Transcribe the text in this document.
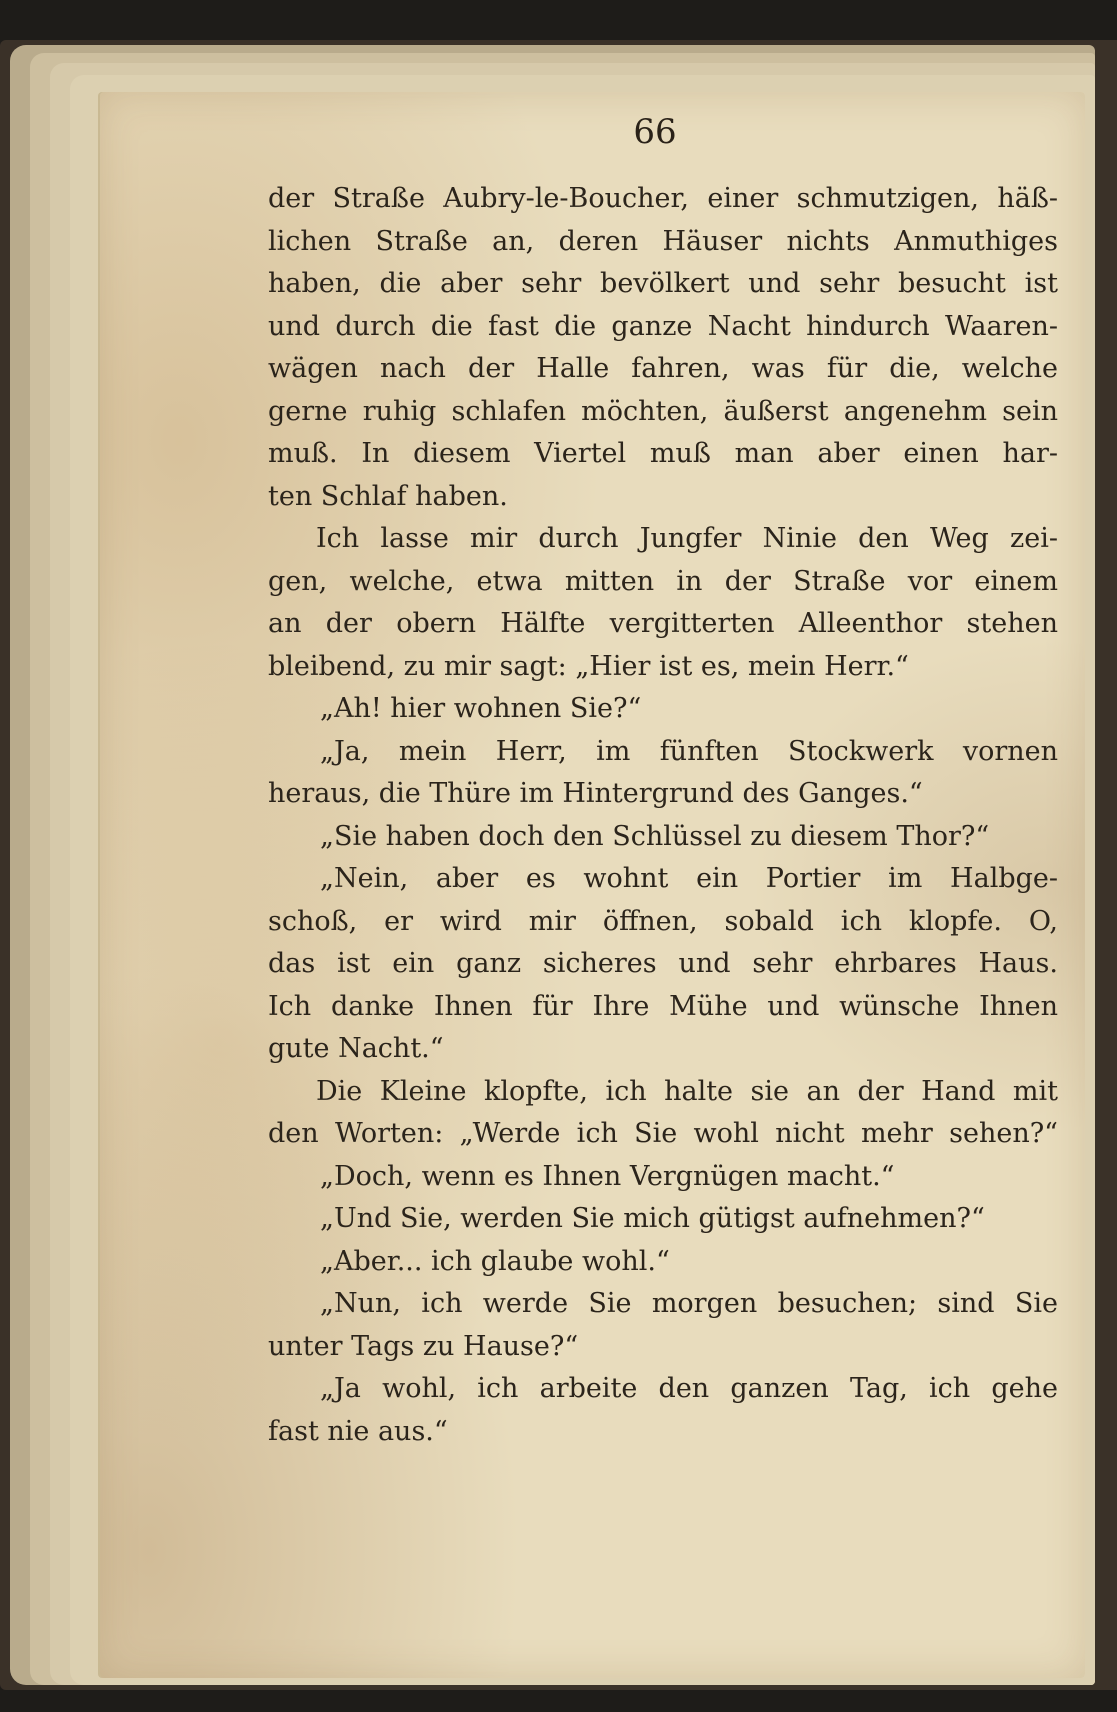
66
der Straße Aubry-le-Boucher, einer schmutzigen, häß-
lichen Straße an, deren Häuser nichts Anmuthiges
haben, die aber sehr bevölkert und sehr besucht ist
und durch die fast die ganze Nacht hindurch Waaren-
wägen nach der Halle fahren, was für die, welche
gerne ruhig schlafen möchten, äußerst angenehm sein
muß. In diesem Viertel muß man aber einen har-
ten Schlaf haben.
Ich lasse mir durch Jungfer Ninie den Weg zei-
gen, welche, etwa mitten in der Straße vor einem
an der obern Hälfte vergitterten Alleenthor stehen
bleibend, zu mir sagt: „Hier ist es, mein Herr.“
„Ah! hier wohnen Sie?“
„Ja, mein Herr, im fünften Stockwerk vornen
heraus, die Thüre im Hintergrund des Ganges.“
„Sie haben doch den Schlüssel zu diesem Thor?“
„Nein, aber es wohnt ein Portier im Halbge-
schoß, er wird mir öffnen, sobald ich klopfe. O,
das ist ein ganz sicheres und sehr ehrbares Haus.
Ich danke Ihnen für Ihre Mühe und wünsche Ihnen
gute Nacht.“
Die Kleine klopfte, ich halte sie an der Hand mit
den Worten: „Werde ich Sie wohl nicht mehr sehen?“
„Doch, wenn es Ihnen Vergnügen macht.“
„Und Sie, werden Sie mich gütigst aufnehmen?“
„Aber... ich glaube wohl.“
„Nun, ich werde Sie morgen besuchen; sind Sie
unter Tags zu Hause?“
„Ja wohl, ich arbeite den ganzen Tag, ich gehe
fast nie aus.“
